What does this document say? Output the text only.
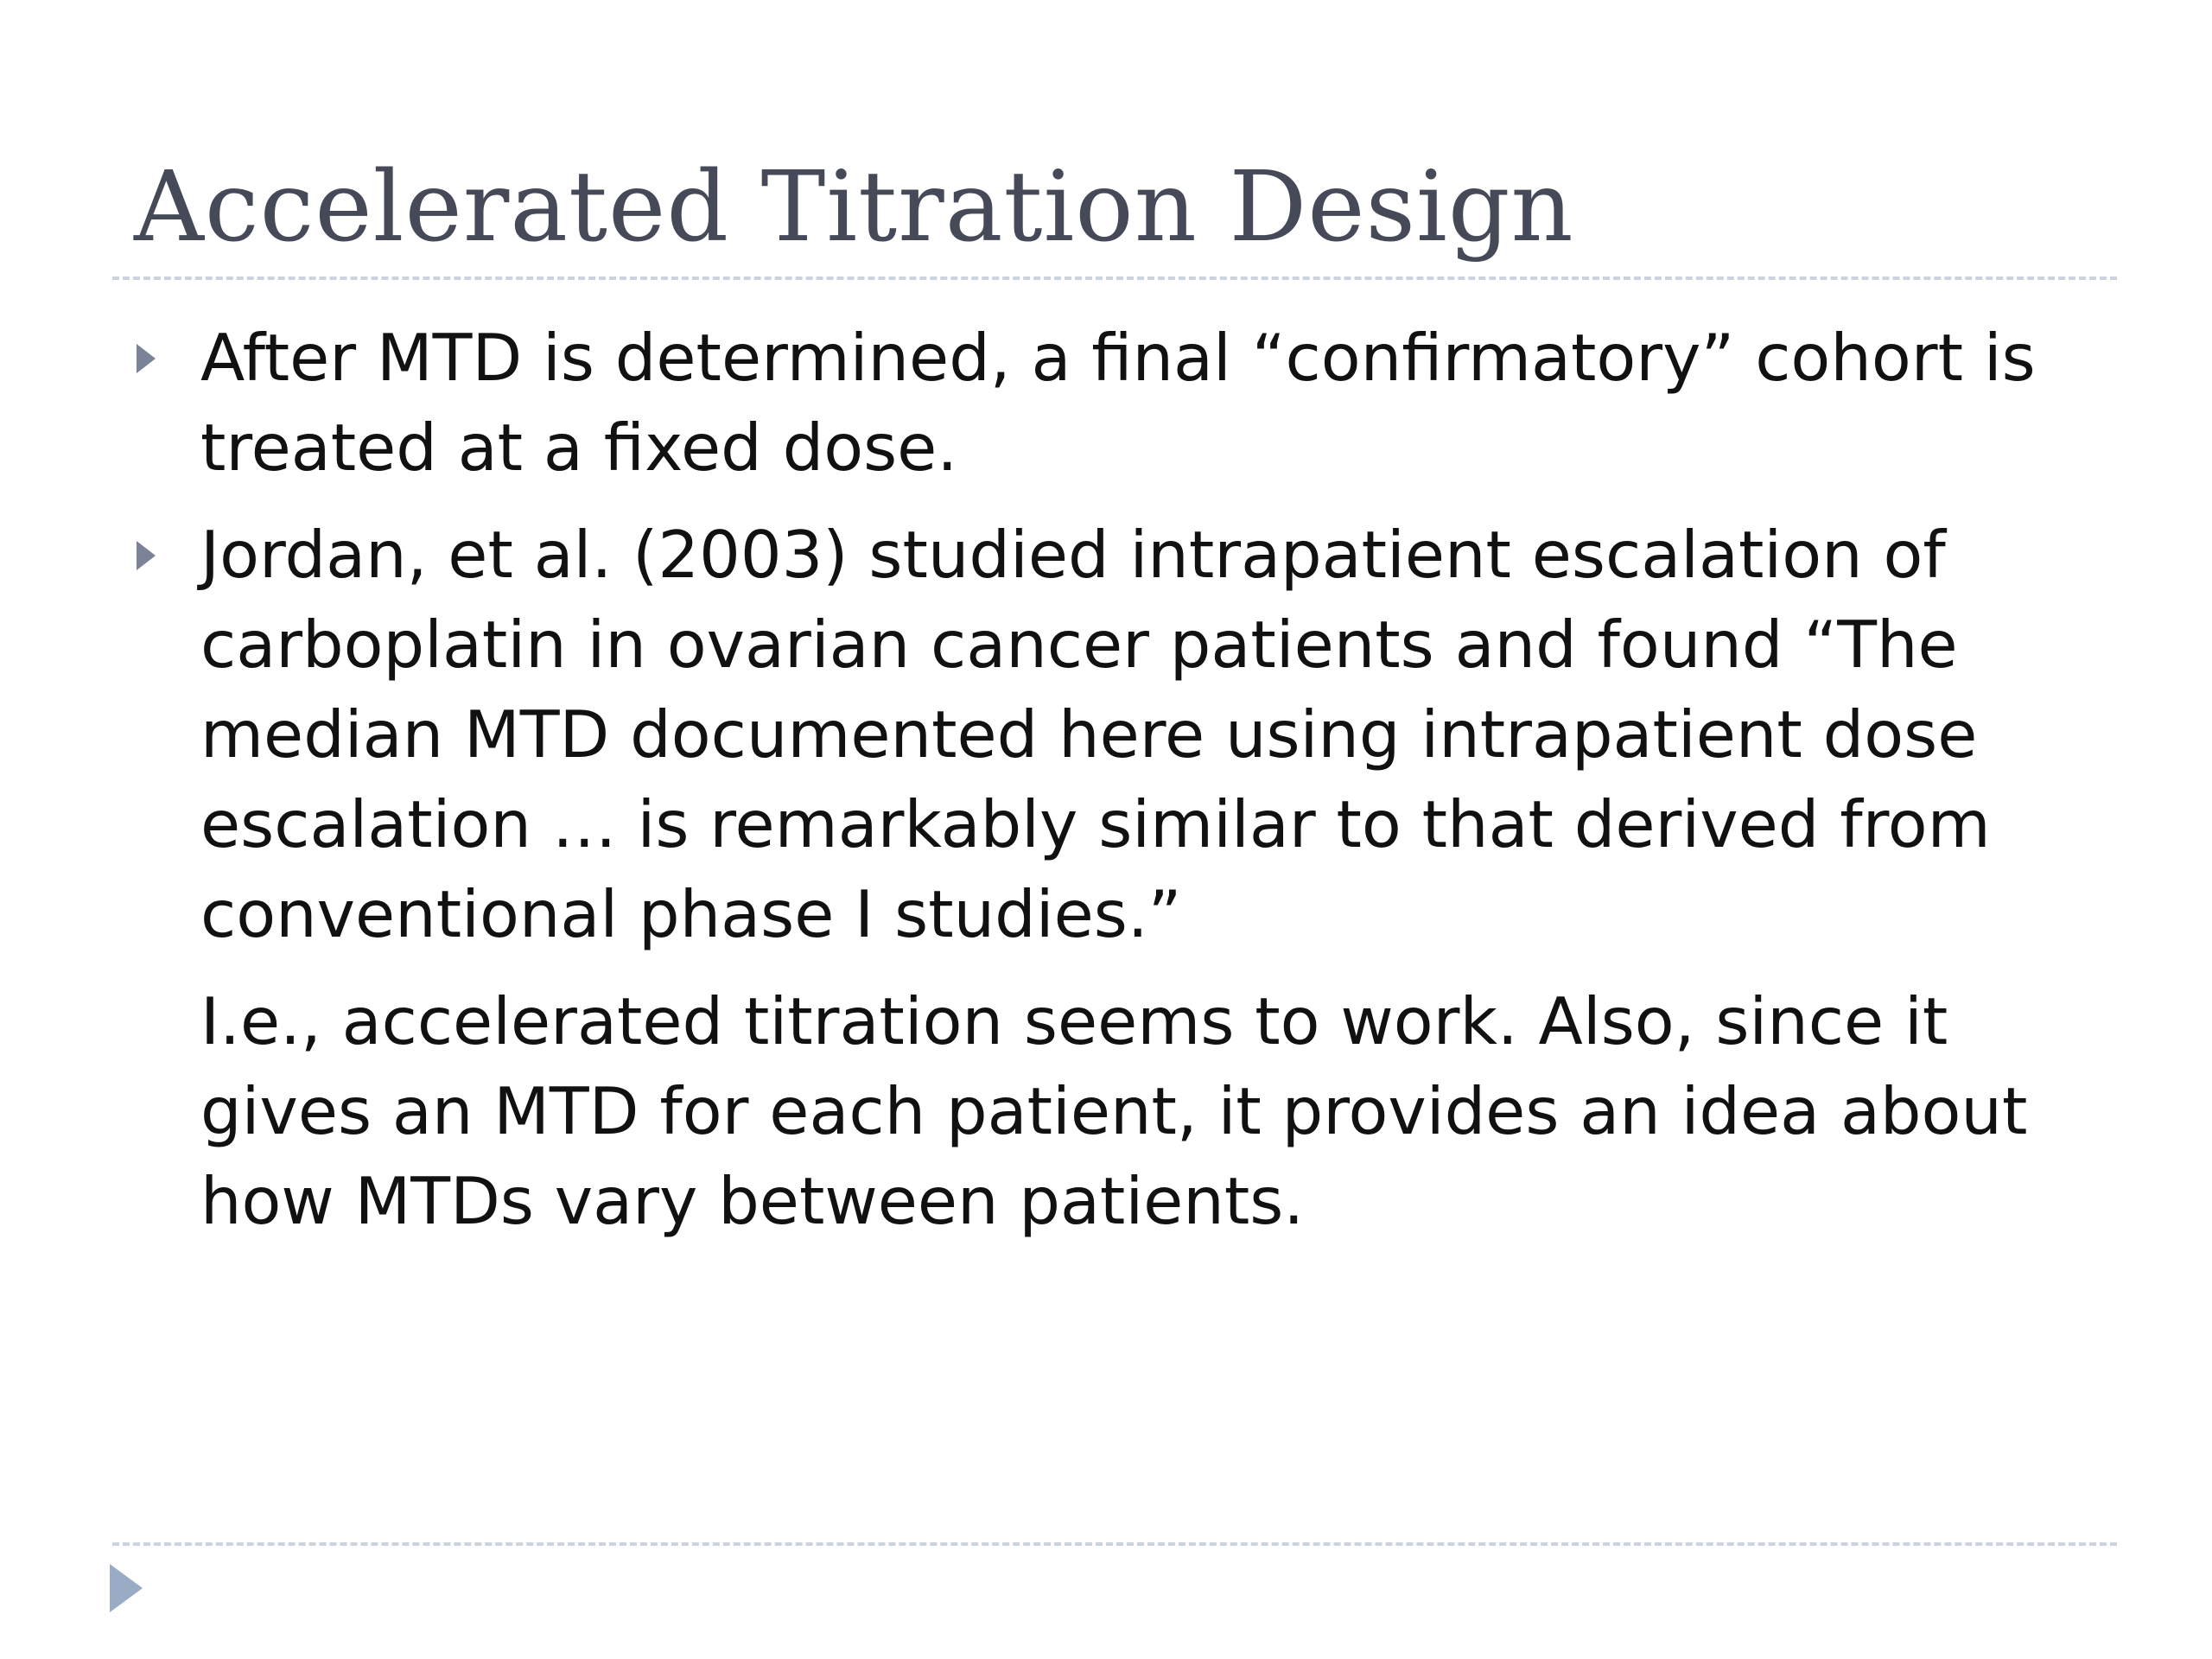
Accelerated Titration Design
After MTD is determined, a final “confirmatory” cohort is treated at a fixed dose.
Jordan, et al. (2003) studied intrapatient escalation of carboplatin in ovarian cancer patients and found “The median MTD documented here using intrapatient dose escalation … is remarkably similar to that derived from conventional phase I studies.”

I.e., accelerated titration seems to work. Also, since it gives an MTD for each patient, it provides an idea about how MTDs vary between patients.
